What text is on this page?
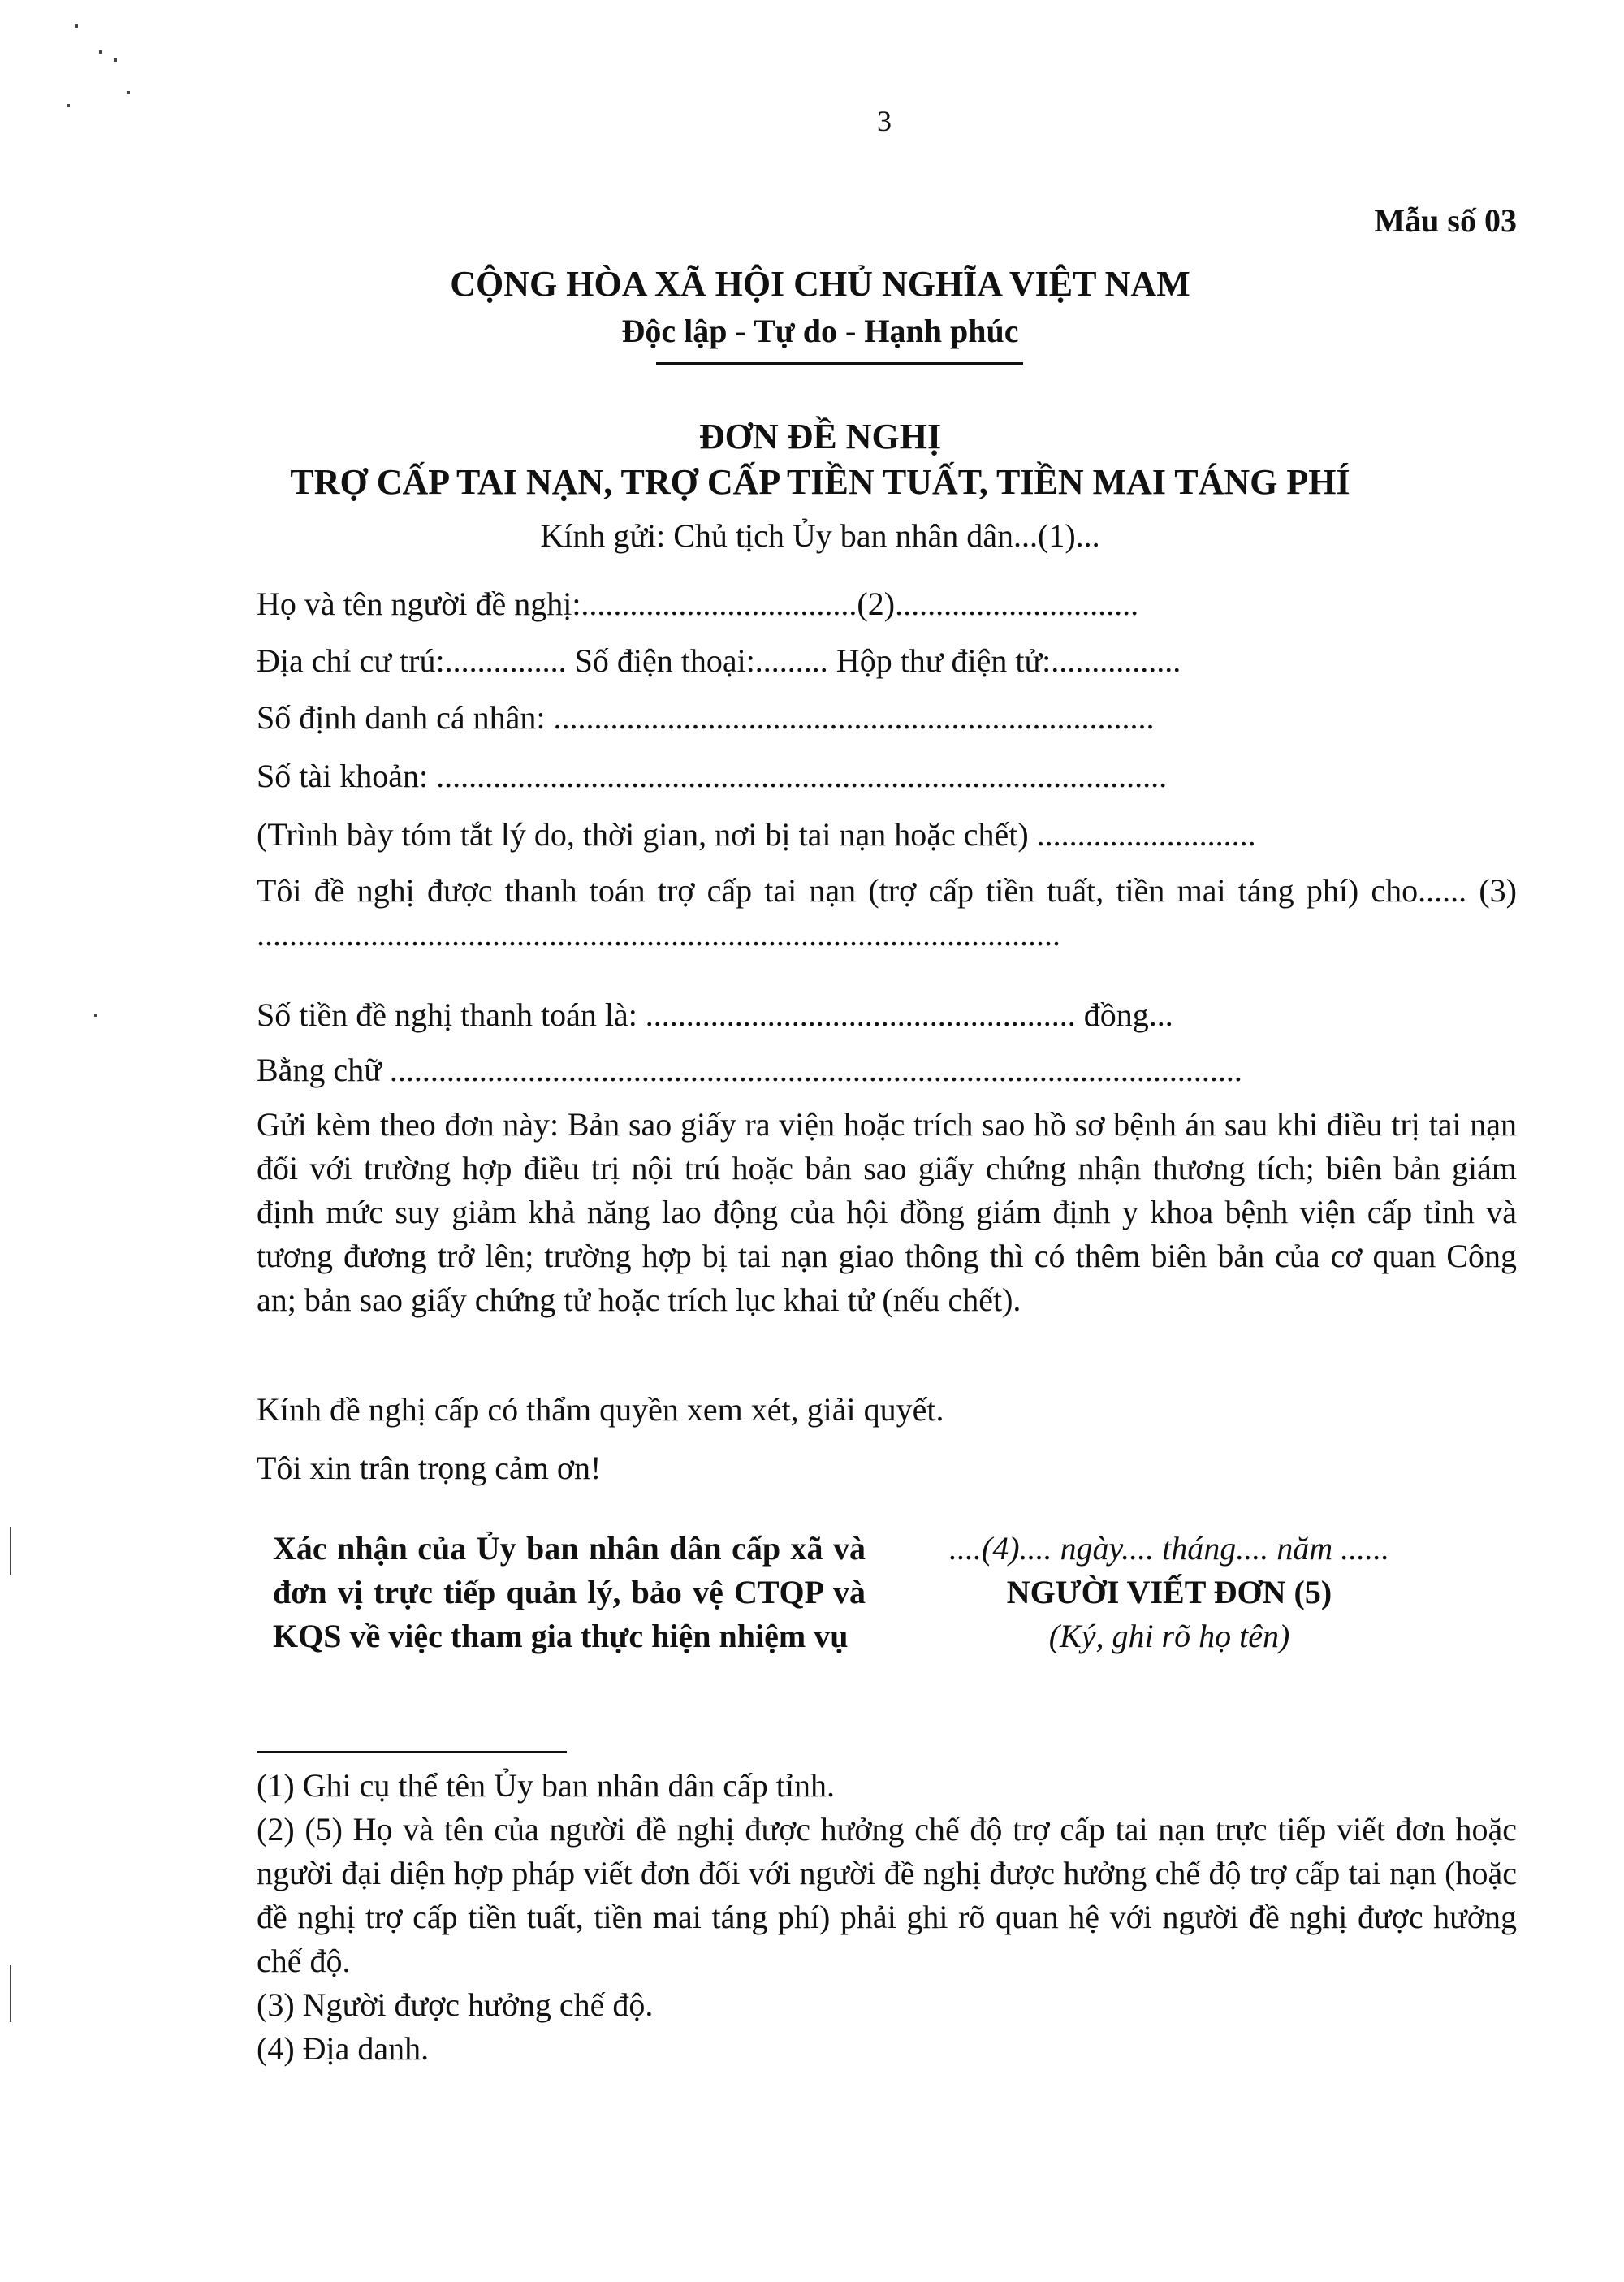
3
Mẫu số 03
CỘNG HÒA XÃ HỘI CHỦ NGHĨA VIỆT NAM
Độc lập - Tự do - Hạnh phúc
ĐƠN ĐỀ NGHỊ
TRỢ CẤP TAI NẠN, TRỢ CẤP TIỀN TUẤT, TIỀN MAI TÁNG PHÍ
Kính gửi: Chủ tịch Ủy ban nhân dân...(1)...
Họ và tên người đề nghị:..................................(2)..............................
Địa chỉ cư trú:............... Số điện thoại:......... Hộp thư điện tử:................
Số định danh cá nhân: ..........................................................................
Số tài khoản: ..........................................................................................
(Trình bày tóm tắt lý do, thời gian, nơi bị tai nạn hoặc chết) ...........................
Tôi đề nghị được thanh toán trợ cấp tai nạn (trợ cấp tiền tuất, tiền mai táng phí) cho...... (3) ...................................................................................................
Số tiền đề nghị thanh toán là: ..................................................... đồng...
Bằng chữ .........................................................................................................
Gửi kèm theo đơn này: Bản sao giấy ra viện hoặc trích sao hồ sơ bệnh án sau khi điều trị tai nạn đối với trường hợp điều trị nội trú hoặc bản sao giấy chứng nhận thương tích; biên bản giám định mức suy giảm khả năng lao động của hội đồng giám định y khoa bệnh viện cấp tỉnh và tương đương trở lên; trường hợp bị tai nạn giao thông thì có thêm biên bản của cơ quan Công an; bản sao giấy chứng tử hoặc trích lục khai tử (nếu chết).
Kính đề nghị cấp có thẩm quyền xem xét, giải quyết.
Tôi xin trân trọng cảm ơn!
Xác nhận của Ủy ban nhân dân cấp xã và đơn vị trực tiếp quản lý, bảo vệ CTQP và KQS về việc tham gia thực hiện nhiệm vụ
....(4).... ngày.... tháng.... năm ......
NGƯỜI VIẾT ĐƠN (5)
(Ký, ghi rõ họ tên)

(1) Ghi cụ thể tên Ủy ban nhân dân cấp tỉnh.

(2) (5) Họ và tên của người đề nghị được hưởng chế độ trợ cấp tai nạn trực tiếp viết đơn hoặc người đại diện hợp pháp viết đơn đối với người đề nghị được hưởng chế độ trợ cấp tai nạn (hoặc đề nghị trợ cấp tiền tuất, tiền mai táng phí) phải ghi rõ quan hệ với người đề nghị được hưởng chế độ.

(3) Người được hưởng chế độ.

(4) Địa danh.
